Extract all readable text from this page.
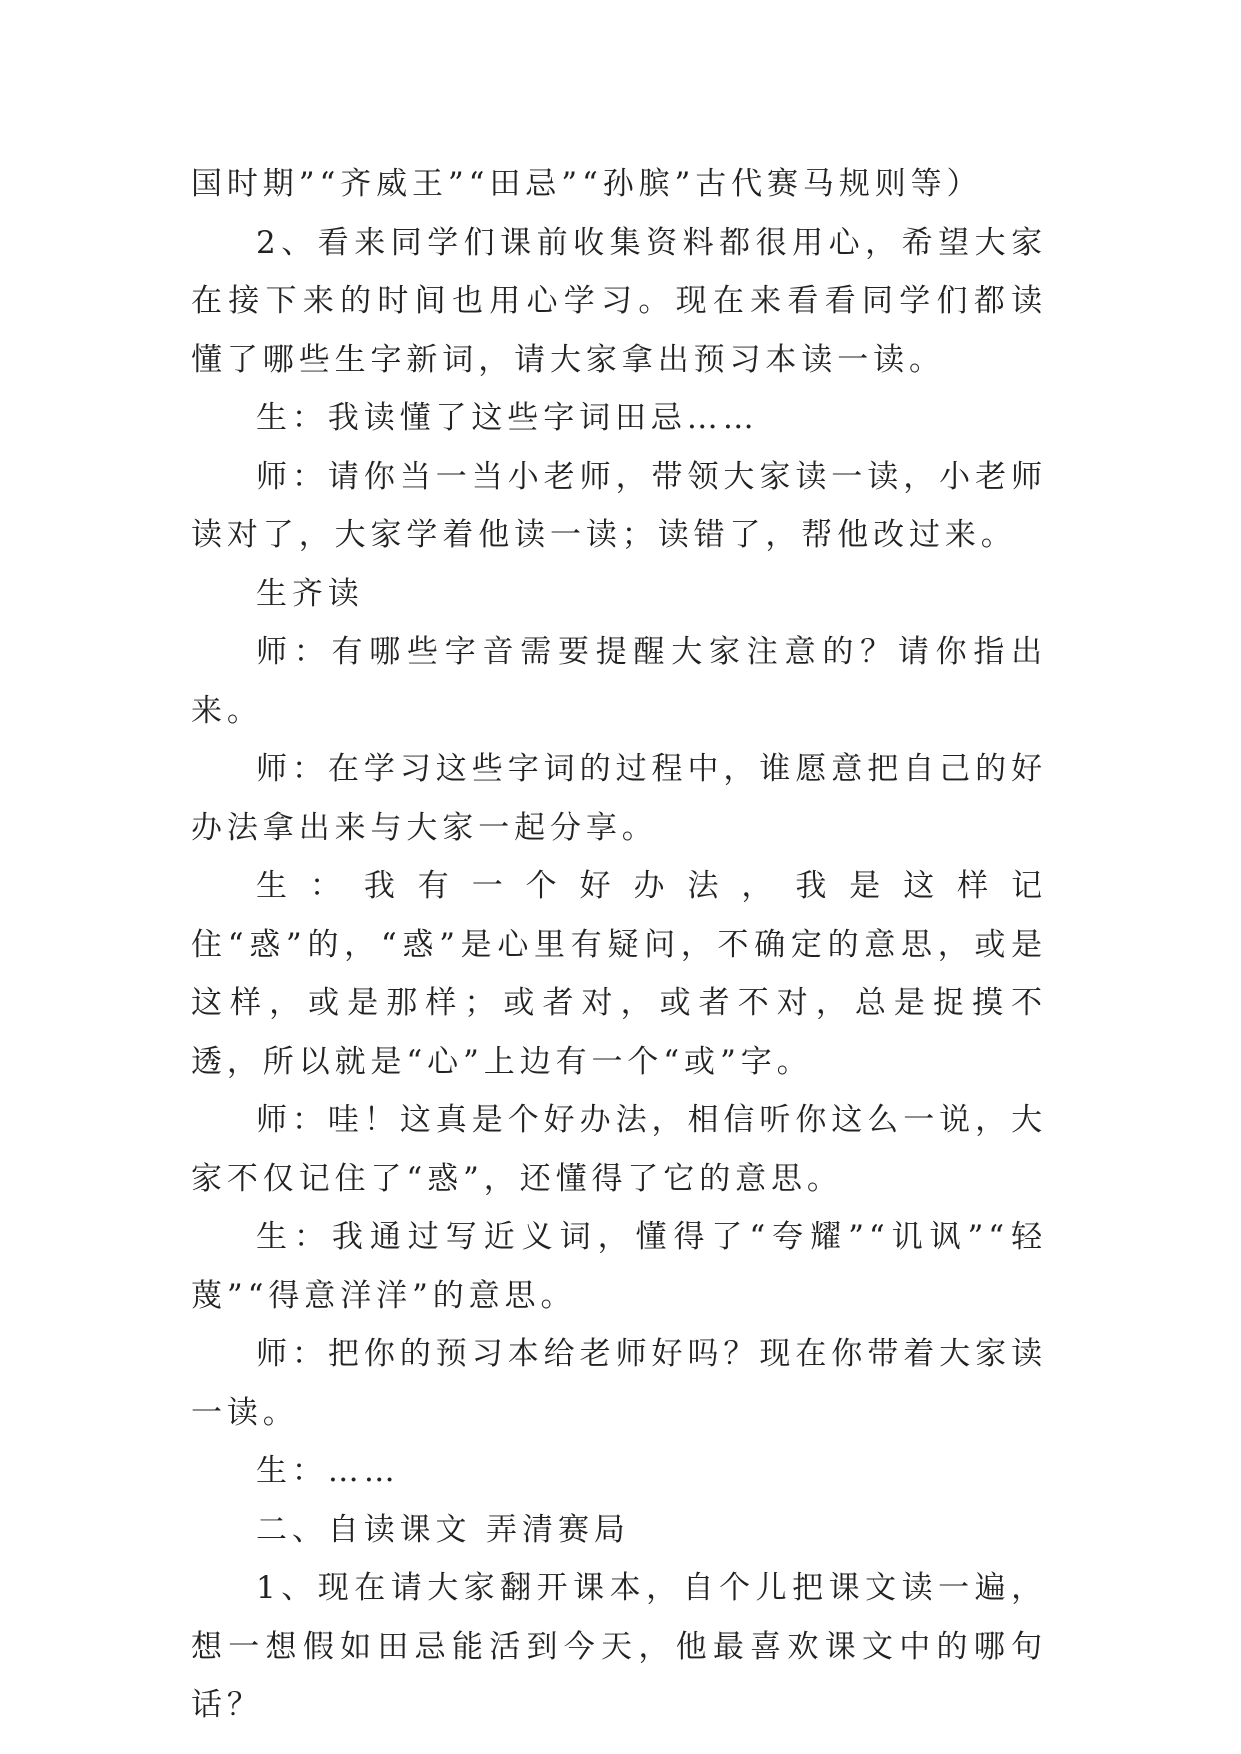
国时期”“齐威王”“田忌”“孙膑”古代赛马规则等）

2、看来同学们课前收集资料都很用心，希望大家在接下来的时间也用心学习。现在来看看同学们都读懂了哪些生字新词，请大家拿出预习本读一读。

生：我读懂了这些字词田忌……

师：请你当一当小老师，带领大家读一读，小老师读对了，大家学着他读一读；读错了，帮他改过来。

生齐读

师：有哪些字音需要提醒大家注意的？请你指出来。

师：在学习这些字词的过程中，谁愿意把自己的好办法拿出来与大家一起分享。

生：我有一个好办法，我是这样记住“惑”的，“惑”是心里有疑问，不确定的意思，或是这样，或是那样；或者对，或者不对，总是捉摸不透，所以就是“心”上边有一个“或”字。

师：哇！这真是个好办法，相信听你这么一说，大家不仅记住了“惑”，还懂得了它的意思。

生：我通过写近义词，懂得了“夸耀”“讥讽”“轻蔑”“得意洋洋”的意思。

师：把你的预习本给老师好吗？现在你带着大家读一读。

生：……

二、自读课文 弄清赛局

1、现在请大家翻开课本，自个儿把课文读一遍，想一想假如田忌能活到今天，他最喜欢课文中的哪句话？
